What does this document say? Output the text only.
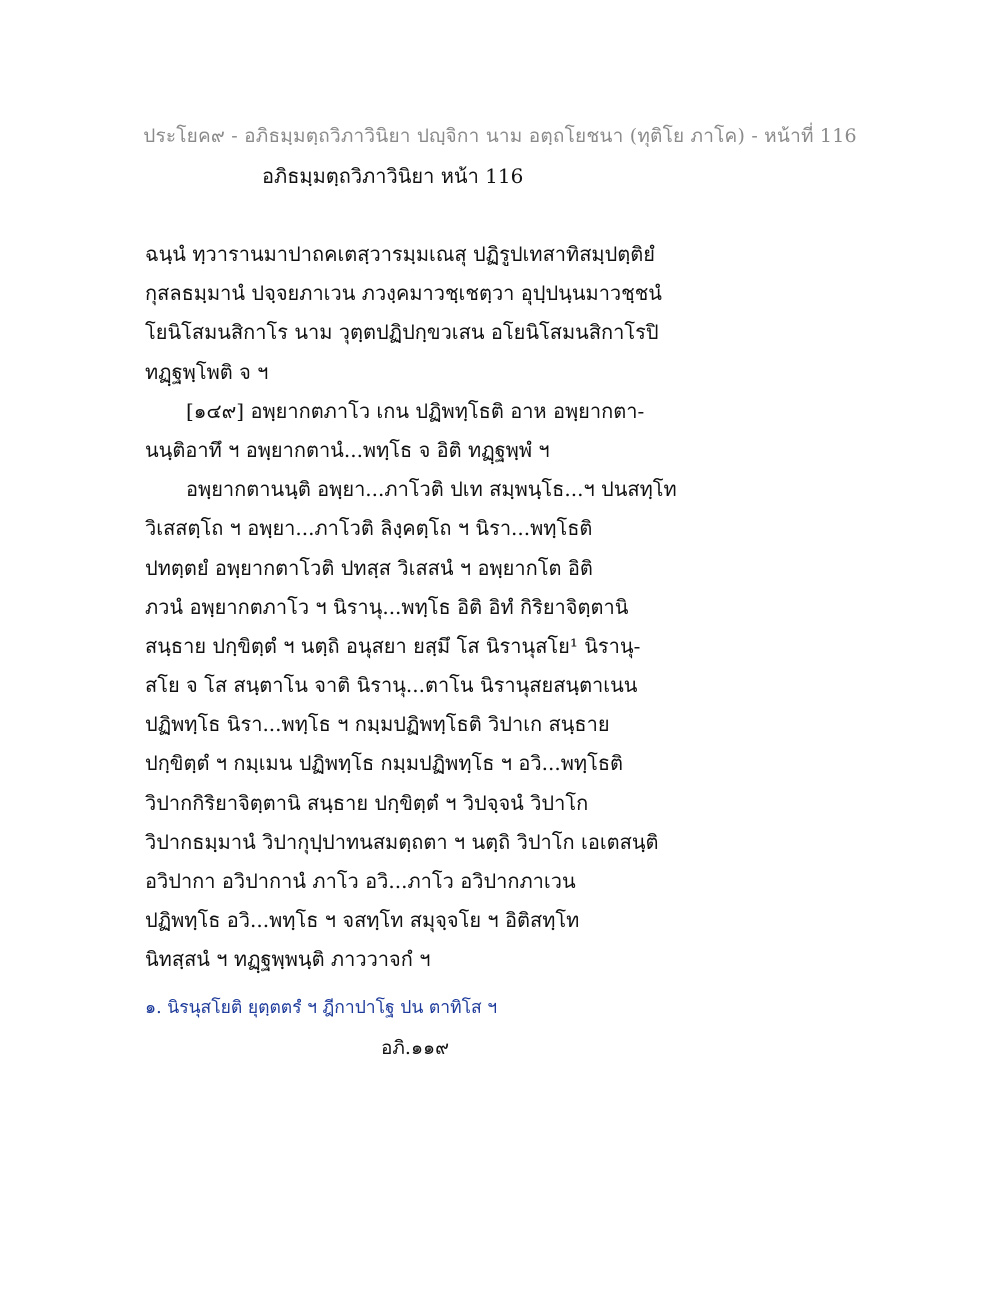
ประโยค๙ - อภิธมฺมตฺถวิภาวินิยา ปญฺจิกา นาม อตฺถโยชนา (ทุติโย ภาโค) - หน้าที่ 116
อภิธมฺมตฺถวิภาวินิยา หน้า 116
ฉนฺนํ ทฺวารานมาปาถคเตสฺวารมฺมเณสุ ปฏิรูปเทสาทิสมฺปตฺติยํ
กุสลธมฺมานํ ปจฺจยภาเวน ภวงฺคมาวชฺเชตฺวา อุปฺปนฺนมาวชฺชนํ
โยนิโสมนสิกาโร นาม วุตฺตปฏิปกฺขวเสน อโยนิโสมนสิกาโรปิ
ทฏฺฐพฺโพติ จ ฯ
[๑๔๙] อพฺยากตภาโว เกน ปฏิพทฺโธติ อาห อพฺยากตา-
นนฺติอาทึ ฯ อพฺยากตานํ...พทฺโธ จ อิติ ทฏฺฐพฺพํ ฯ
อพฺยากตานนฺติ อพฺยา...ภาโวติ ปเท สมฺพนฺโธ...ฯ ปนสทฺโท
วิเสสตฺโถ ฯ อพฺยา...ภาโวติ ลิงฺคตฺโถ ฯ นิรา...พทฺโธติ
ปทตฺตยํ อพฺยากตาโวติ ปทสฺส วิเสสนํ ฯ อพฺยากโต อิติ
ภวนํ อพฺยากตภาโว ฯ นิรานุ...พทฺโธ อิติ อิทํ กิริยาจิตฺตานิ
สนฺธาย ปกฺขิตฺตํ ฯ นตฺถิ อนุสยา ยสฺมึ โส นิรานุสโย¹ นิรานุ-
สโย จ โส สนฺตาโน จาติ นิรานุ...ตาโน นิรานุสยสนฺตาเนน
ปฏิพทฺโธ นิรา...พทฺโธ ฯ กมฺมปฏิพทฺโธติ วิปาเก สนฺธาย
ปกฺขิตฺตํ ฯ กมฺเมน ปฏิพทฺโธ กมฺมปฏิพทฺโธ ฯ อวิ...พทฺโธติ
วิปากกิริยาจิตฺตานิ สนฺธาย ปกฺขิตฺตํ ฯ วิปจฺจนํ วิปาโก
วิปากธมฺมานํ วิปากุปฺปาทนสมตฺถตา ฯ นตฺถิ วิปาโก เอเตสนฺติ
อวิปากา อวิปากานํ ภาโว อวิ...ภาโว อวิปากภาเวน
ปฏิพทฺโธ อวิ...พทฺโธ ฯ จสทฺโท สมุจฺจโย ฯ อิติสทฺโท
นิทสฺสนํ ฯ ทฏฺฐพฺพนฺติ ภาววาจกํ ฯ
๑. นิรนุสโยติ ยุตฺตตรํ ฯ ฎีกาปาโฐ ปน ตาทิโส ฯ
อภิ.๑๑๙
